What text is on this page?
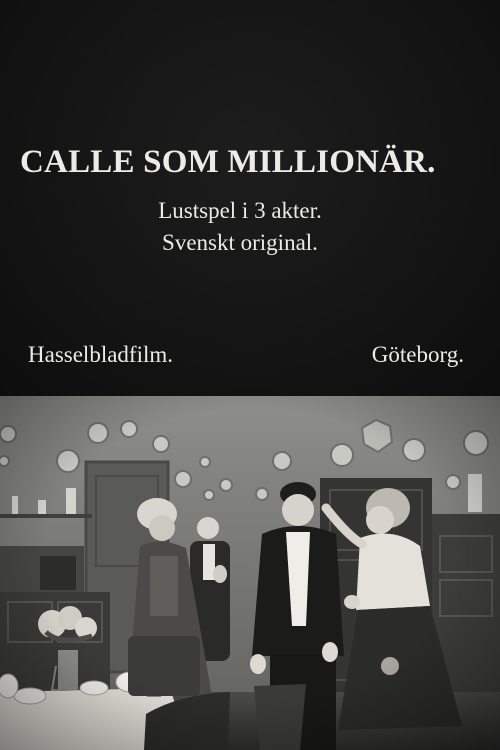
CALLE SOM MILLIONÄR.
Lustspel i 3 akter.
Svenskt original.
Hasselbladfilm.	Göteborg.
